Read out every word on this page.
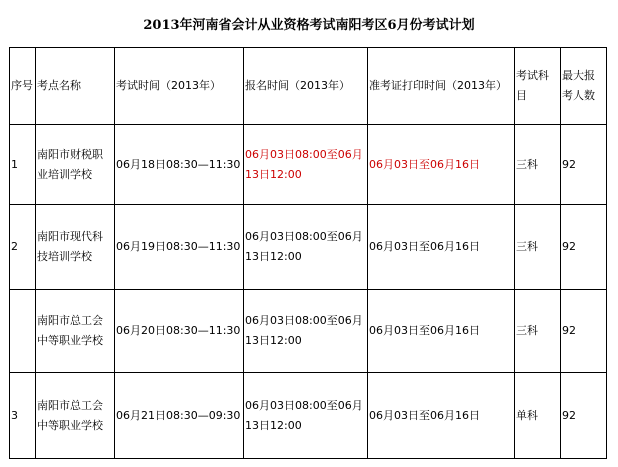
2013年河南省会计从业资格考试南阳考区6月份考试计划
序号	考点名称	考试时间（2013年）	报名时间（2013年）	准考证打印时间（2013年）	考试科目	最大报考人数
1	南阳市财税职业培训学校	06月18日08:30—11:30	06月03日08:00至06月13日12:00	06月03日至06月16日	三科	92
2	南阳市现代科技培训学校	06月19日08:30—11:30	06月03日08:00至06月13日12:00	06月03日至06月16日	三科	92
	南阳市总工会中等职业学校	06月20日08:30—11:30	06月03日08:00至06月13日12:00	06月03日至06月16日	三科	92
3	南阳市总工会中等职业学校	06月21日08:30—09:30	06月03日08:00至06月13日12:00	06月03日至06月16日	单科	92
